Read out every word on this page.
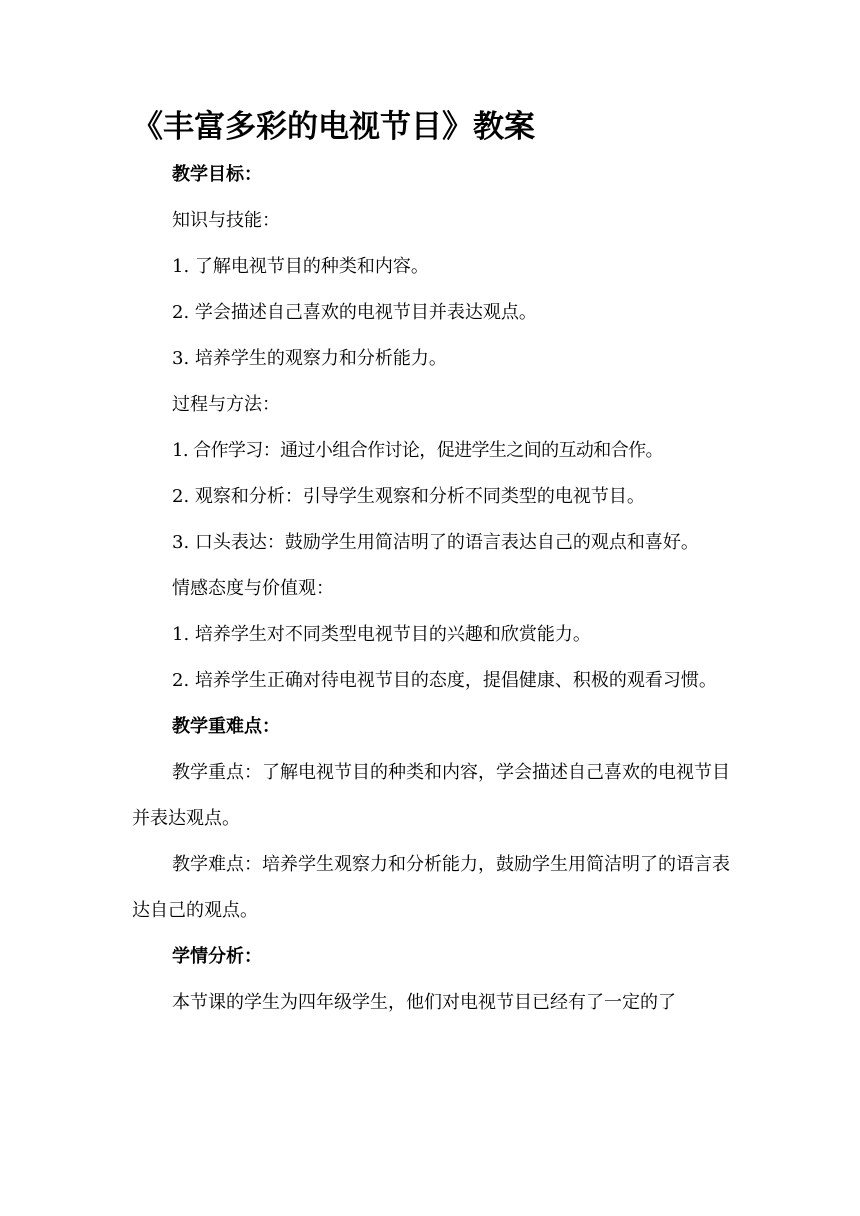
《丰富多彩的电视节目》教案
教学目标：

知识与技能：

1. 了解电视节目的种类和内容。

2. 学会描述自己喜欢的电视节目并表达观点。

3. 培养学生的观察力和分析能力。

过程与方法：

1. 合作学习：通过小组合作讨论，促进学生之间的互动和合作。

2. 观察和分析：引导学生观察和分析不同类型的电视节目。

3. 口头表达：鼓励学生用简洁明了的语言表达自己的观点和喜好。

情感态度与价值观：

1. 培养学生对不同类型电视节目的兴趣和欣赏能力。

2. 培养学生正确对待电视节目的态度，提倡健康、积极的观看习惯。

教学重难点：

教学重点：了解电视节目的种类和内容，学会描述自己喜欢的电视节目并表达观点。

教学难点：培养学生观察力和分析能力，鼓励学生用简洁明了的语言表达自己的观点。

学情分析：

本节课的学生为四年级学生，他们对电视节目已经有了一定的了
